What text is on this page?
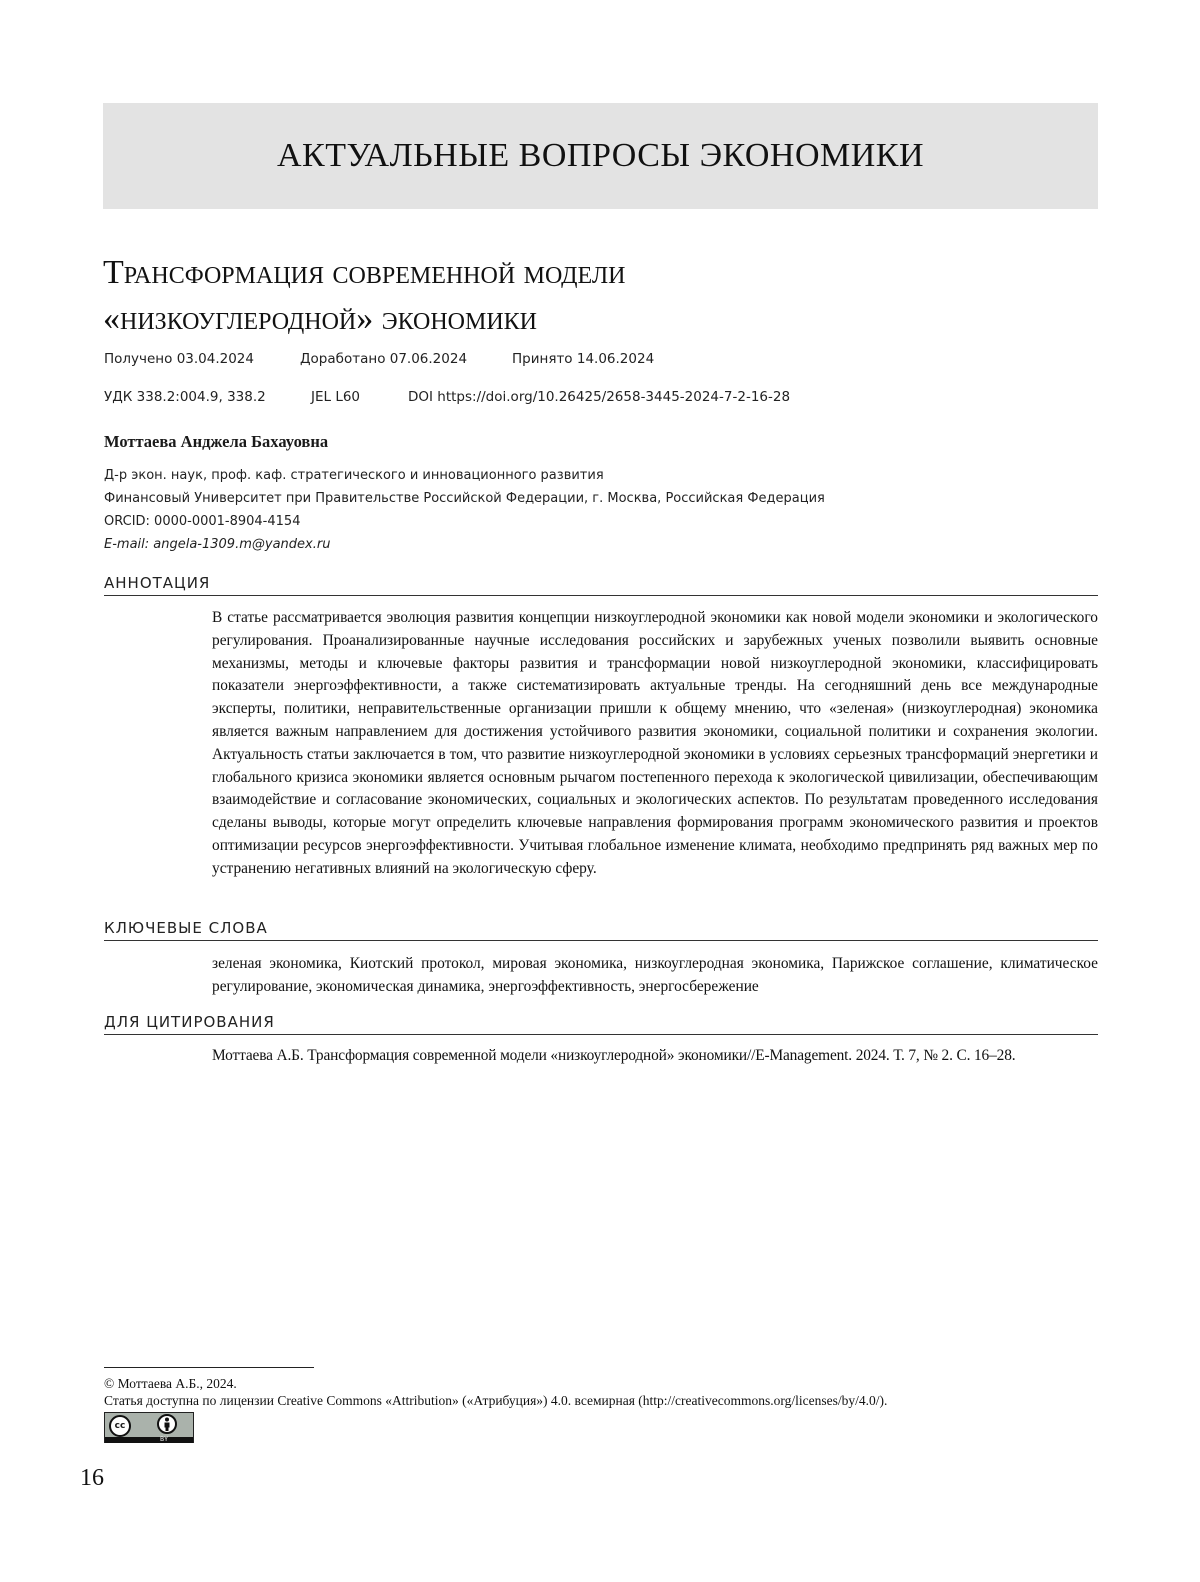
АКТУАЛЬНЫЕ ВОПРОСЫ ЭКОНОМИКИ
Трансформация современной модели
«низкоуглеродной» экономики
Получено 03.04.2024	Доработано 07.06.2024	Принято 14.06.2024
УДК 338.2:004.9, 338.2	JEL L60	DOI https://doi.org/10.26425/2658-3445-2024-7-2-16-28
Моттаева Анджела Бахауовна
Д-р экон. наук, проф. каф. стратегического и инновационного развития
Финансовый Университет при Правительстве Российской Федерации, г. Москва, Российская Федерация
ORCID: 0000-0001-8904-4154
E-mail: angela-1309.m@yandex.ru
АННОТАЦИЯ
В статье рассматривается эволюция развития концепции низкоуглеродной экономики как новой модели экономики и экологического регулирования. Проанализированные научные исследования российских и зарубежных ученых позволили выявить основные механизмы, методы и ключевые факторы развития и трансформации новой низкоуглеродной экономики, классифицировать показатели энергоэффективности, а также систематизировать актуальные тренды. На сегодняшний день все международные эксперты, политики, неправительственные организации пришли к общему мнению, что «зеленая» (низкоуглеродная) экономика является важным направлением для достижения устойчивого развития экономики, социальной политики и сохранения экологии. Актуальность статьи заключается в том, что развитие низкоуглеродной экономики в условиях серьезных трансформаций энергетики и глобального кризиса экономики является основным рычагом постепенного перехода к экологической цивилизации, обеспечивающим взаимодействие и согласование экономических, социальных и экологических аспектов. По результатам проведенного исследования сделаны выводы, которые могут определить ключевые направления формирования программ экономического развития и проектов оптимизации ресурсов энергоэффективности. Учитывая глобальное изменение климата, необходимо предпринять ряд важных мер по устранению негативных влияний на экологическую сферу.
КЛЮЧЕВЫЕ СЛОВА
зеленая экономика, Киотский протокол, мировая экономика, низкоуглеродная экономика, Парижское соглашение, климатическое регулирование, экономическая динамика, энергоэффективность, энергосбережение
ДЛЯ ЦИТИРОВАНИЯ
Моттаева А.Б. Трансформация современной модели «низкоуглеродной» экономики//E-Management. 2024. Т. 7, № 2. С. 16–28.
© Моттаева А.Б., 2024.
Статья доступна по лицензии Creative Commons «Attribution» («Атрибуция») 4.0. всемирная (http://creativecommons.org/licenses/by/4.0/).
cc
BY
16
